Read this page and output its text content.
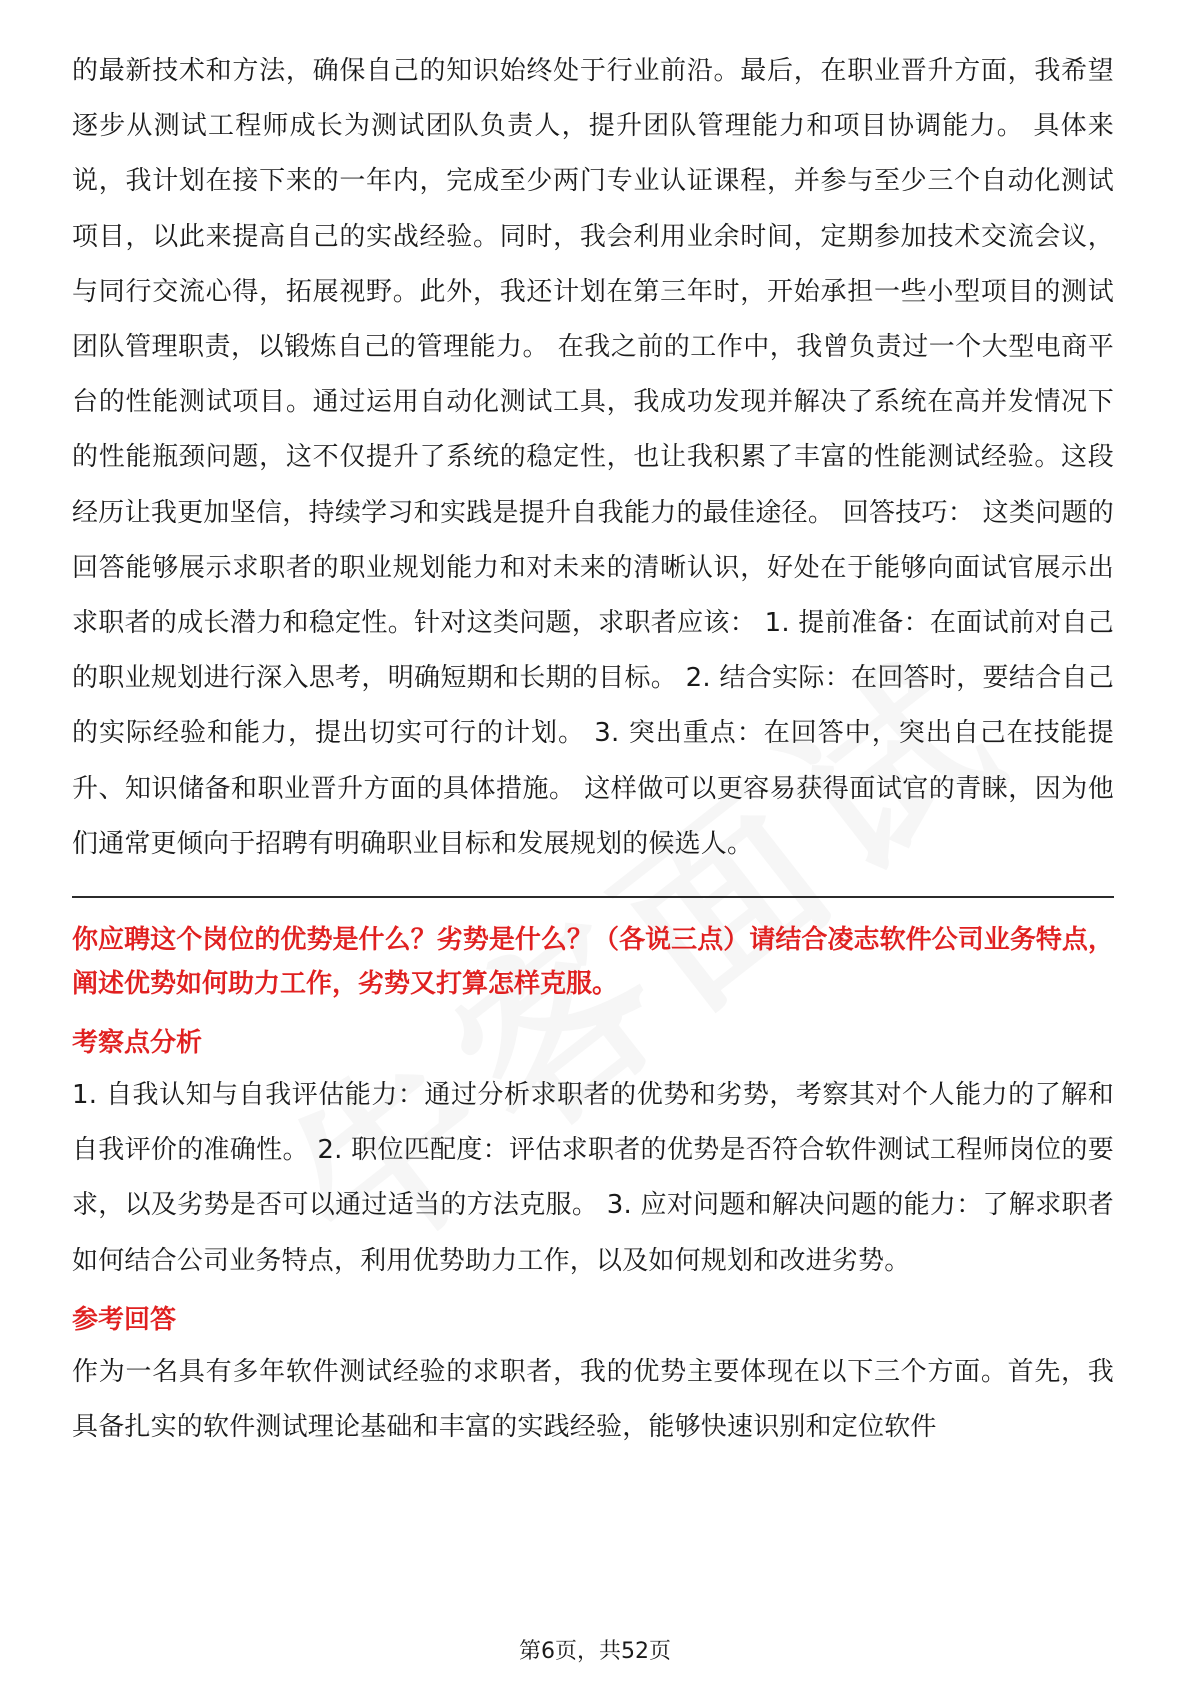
的最新技术和方法，确保自己的知识始终处于行业前沿。最后，在职业晋升方面，我希望逐步从测试工程师成长为测试团队负责人，提升团队管理能力和项目协调能力。 具体来说，我计划在接下来的一年内，完成至少两门专业认证课程，并参与至少三个自动化测试项目，以此来提高自己的实战经验。同时，我会利用业余时间，定期参加技术交流会议，与同行交流心得，拓展视野。此外，我还计划在第三年时，开始承担一些小型项目的测试团队管理职责，以锻炼自己的管理能力。 在我之前的工作中，我曾负责过一个大型电商平台的性能测试项目。通过运用自动化测试工具，我成功发现并解决了系统在高并发情况下的性能瓶颈问题，这不仅提升了系统的稳定性，也让我积累了丰富的性能测试经验。这段经历让我更加坚信，持续学习和实践是提升自我能力的最佳途径。 回答技巧： 这类问题的回答能够展示求职者的职业规划能力和对未来的清晰认识，好处在于能够向面试官展示出求职者的成长潜力和稳定性。针对这类问题，求职者应该： 1. 提前准备：在面试前对自己的职业规划进行深入思考，明确短期和长期的目标。 2. 结合实际：在回答时，要结合自己的实际经验和能力，提出切实可行的计划。 3. 突出重点：在回答中，突出自己在技能提升、知识储备和职业晋升方面的具体措施。 这样做可以更容易获得面试官的青睐，因为他们通常更倾向于招聘有明确职业目标和发展规划的候选人。

你应聘这个岗位的优势是什么？劣势是什么？（各说三点）请结合凌志软件公司业务特点，阐述优势如何助力工作，劣势又打算怎样克服。

考察点分析

1. 自我认知与自我评估能力：通过分析求职者的优势和劣势，考察其对个人能力的了解和自我评价的准确性。 2. 职位匹配度：评估求职者的优势是否符合软件测试工程师岗位的要求，以及劣势是否可以通过适当的方法克服。 3. 应对问题和解决问题的能力：了解求职者如何结合公司业务特点，利用优势助力工作，以及如何规划和改进劣势。

参考回答

作为一名具有多年软件测试经验的求职者，我的优势主要体现在以下三个方面。首先，我具备扎实的软件测试理论基础和丰富的实践经验，能够快速识别和定位软件

第6页，共52页
